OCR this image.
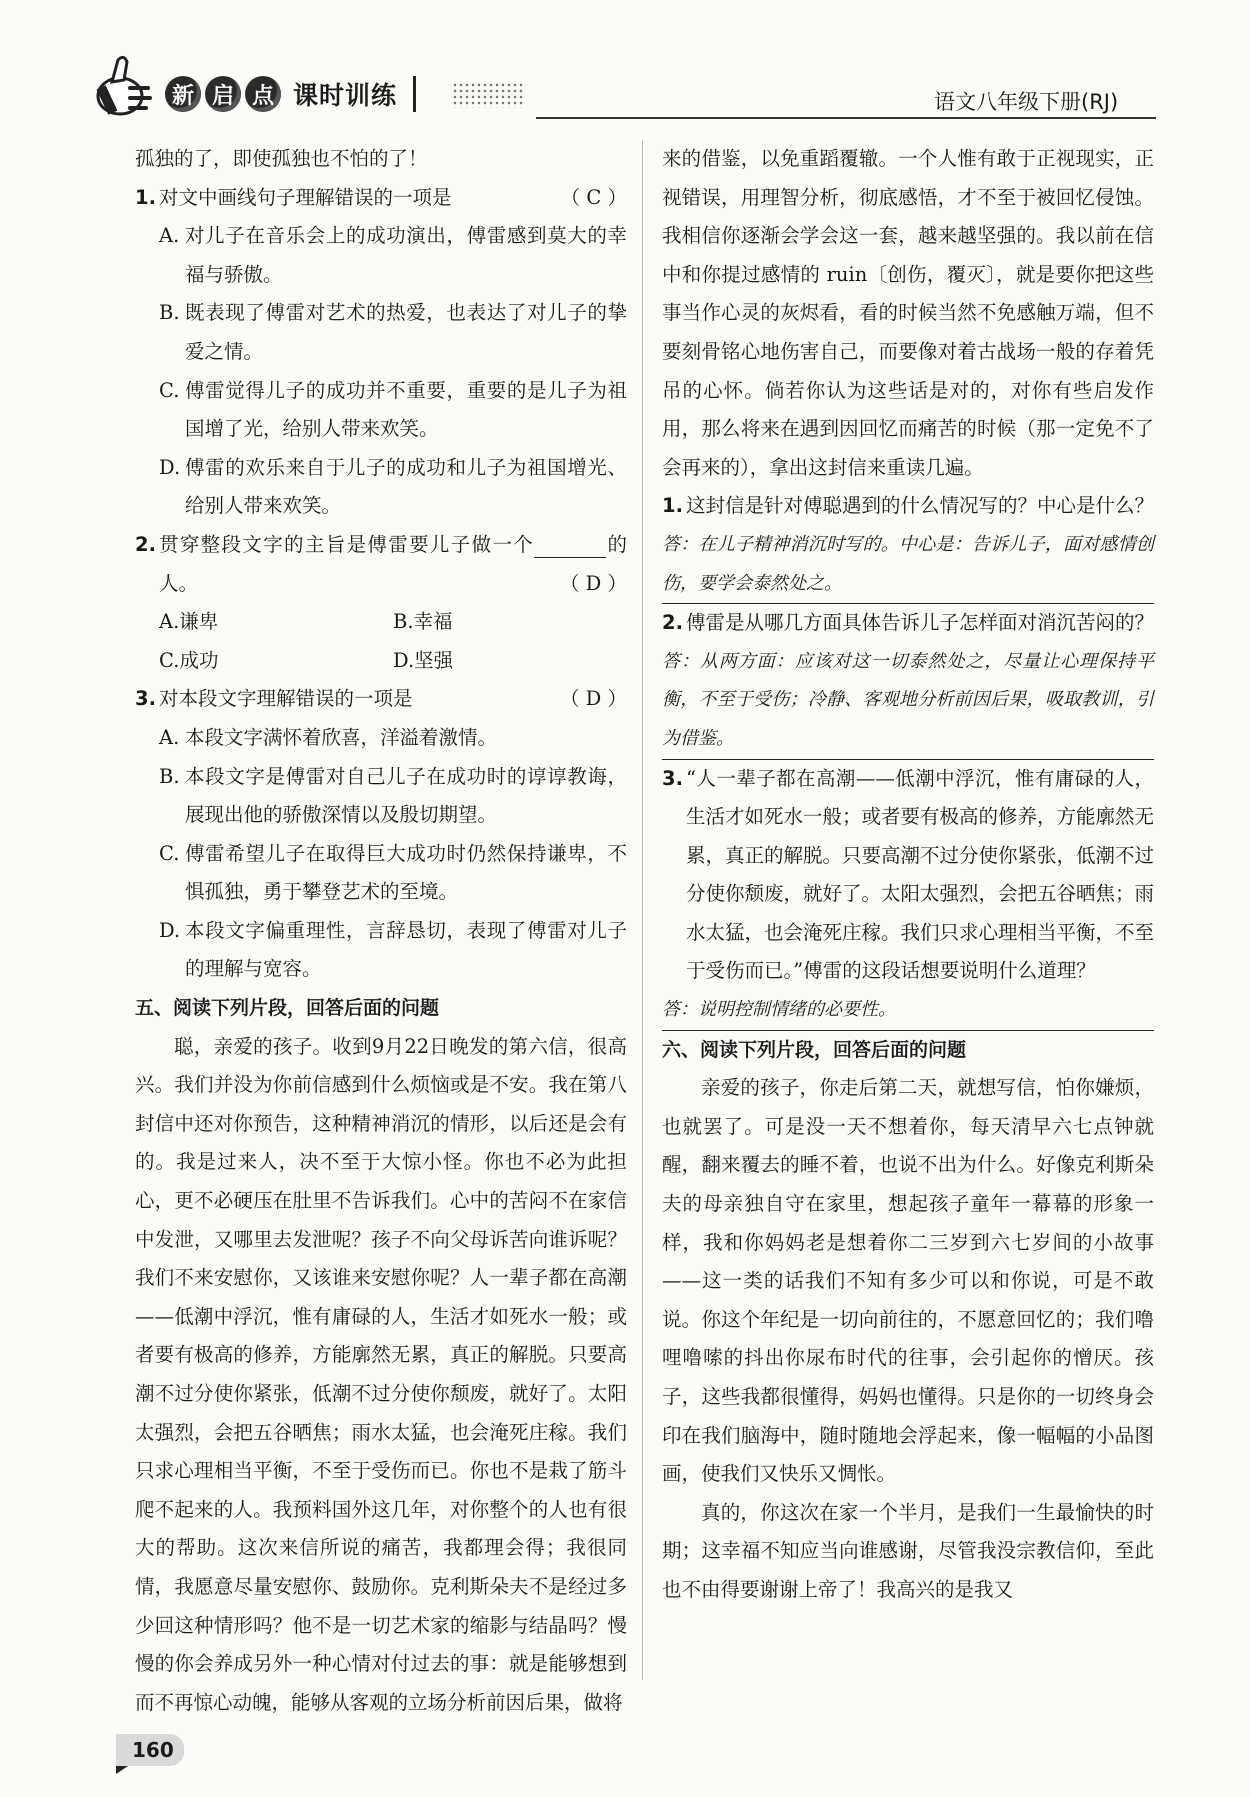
新 启 点 课时训练	语文八年级下册(RJ)

孤独的了，即使孤独也不怕的了！

1. 对文中画线句子理解错误的一项是	（ C ）
A. 对儿子在音乐会上的成功演出，傅雷感到莫大的幸福与骄傲。
B. 既表现了傅雷对艺术的热爱，也表达了对儿子的挚爱之情。
C. 傅雷觉得儿子的成功并不重要，重要的是儿子为祖国增了光，给别人带来欢笑。
D. 傅雷的欢乐来自于儿子的成功和儿子为祖国增光、给别人带来欢笑。
2. 贯穿整段文字的主旨是傅雷要儿子做一个	的人。	（ D ）
A.谦卑	B.幸福
C.成功	D.坚强
3. 对本段文字理解错误的一项是	（ D ）
A. 本段文字满怀着欣喜，洋溢着激情。
B. 本段文字是傅雷对自己儿子在成功时的谆谆教诲，展现出他的骄傲深情以及殷切期望。
C. 傅雷希望儿子在取得巨大成功时仍然保持谦卑，不惧孤独，勇于攀登艺术的至境。
D. 本段文字偏重理性，言辞恳切，表现了傅雷对儿子的理解与宽容。

五、阅读下列片段，回答后面的问题

聪，亲爱的孩子。收到9月22日晚发的第六信，很高兴。我们并没为你前信感到什么烦恼或是不安。我在第八封信中还对你预告，这种精神消沉的情形，以后还是会有的。我是过来人，决不至于大惊小怪。你也不必为此担心，更不必硬压在肚里不告诉我们。心中的苦闷不在家信中发泄，又哪里去发泄呢？孩子不向父母诉苦向谁诉呢？我们不来安慰你，又该谁来安慰你呢？人一辈子都在高潮——低潮中浮沉，惟有庸碌的人，生活才如死水一般；或者要有极高的修养，方能廓然无累，真正的解脱。只要高潮不过分使你紧张，低潮不过分使你颓废，就好了。太阳太强烈，会把五谷晒焦；雨水太猛，也会淹死庄稼。我们只求心理相当平衡，不至于受伤而已。你也不是栽了筋斗爬不起来的人。我预料国外这几年，对你整个的人也有很大的帮助。这次来信所说的痛苦，我都理会得；我很同情，我愿意尽量安慰你、鼓励你。克利斯朵夫不是经过多少回这种情形吗？他不是一切艺术家的缩影与结晶吗？慢慢的你会养成另外一种心情对付过去的事：就是能够想到而不再惊心动魄，能够从客观的立场分析前因后果，做将

来的借鉴，以免重蹈覆辙。一个人惟有敢于正视现实，正视错误，用理智分析，彻底感悟，才不至于被回忆侵蚀。我相信你逐渐会学会这一套，越来越坚强的。我以前在信中和你提过感情的 ruin〔创伤，覆灭〕，就是要你把这些事当作心灵的灰烬看，看的时候当然不免感触万端，但不要刻骨铭心地伤害自己，而要像对着古战场一般的存着凭吊的心怀。倘若你认为这些话是对的，对你有些启发作用，那么将来在遇到因回忆而痛苦的时候（那一定免不了会再来的），拿出这封信来重读几遍。

1. 这封信是针对傅聪遇到的什么情况写的？中心是什么？

答：在儿子精神消沉时写的。中心是：告诉儿子，面对感情创伤，要学会泰然处之。

2. 傅雷是从哪几方面具体告诉儿子怎样面对消沉苦闷的？

答：从两方面：应该对这一切泰然处之，尽量让心理保持平衡，不至于受伤；冷静、客观地分析前因后果，吸取教训，引为借鉴。

3. “人一辈子都在高潮——低潮中浮沉，惟有庸碌的人，生活才如死水一般；或者要有极高的修养，方能廓然无累，真正的解脱。只要高潮不过分使你紧张，低潮不过分使你颓废，就好了。太阳太强烈，会把五谷晒焦；雨水太猛，也会淹死庄稼。我们只求心理相当平衡，不至于受伤而已。”傅雷的这段话想要说明什么道理？

答：说明控制情绪的必要性。

六、阅读下列片段，回答后面的问题

亲爱的孩子，你走后第二天，就想写信，怕你嫌烦，也就罢了。可是没一天不想着你，每天清早六七点钟就醒，翻来覆去的睡不着，也说不出为什么。好像克利斯朵夫的母亲独自守在家里，想起孩子童年一幕幕的形象一样，我和你妈妈老是想着你二三岁到六七岁间的小故事——这一类的话我们不知有多少可以和你说，可是不敢说。你这个年纪是一切向前往的，不愿意回忆的；我们噜哩噜嗦的抖出你尿布时代的往事，会引起你的憎厌。孩子，这些我都很懂得，妈妈也懂得。只是你的一切终身会印在我们脑海中，随时随地会浮起来，像一幅幅的小品图画，使我们又快乐又惆怅。

真的，你这次在家一个半月，是我们一生最愉快的时期；这幸福不知应当向谁感谢，尽管我没宗教信仰，至此也不由得要谢谢上帝了！我高兴的是我又

160
